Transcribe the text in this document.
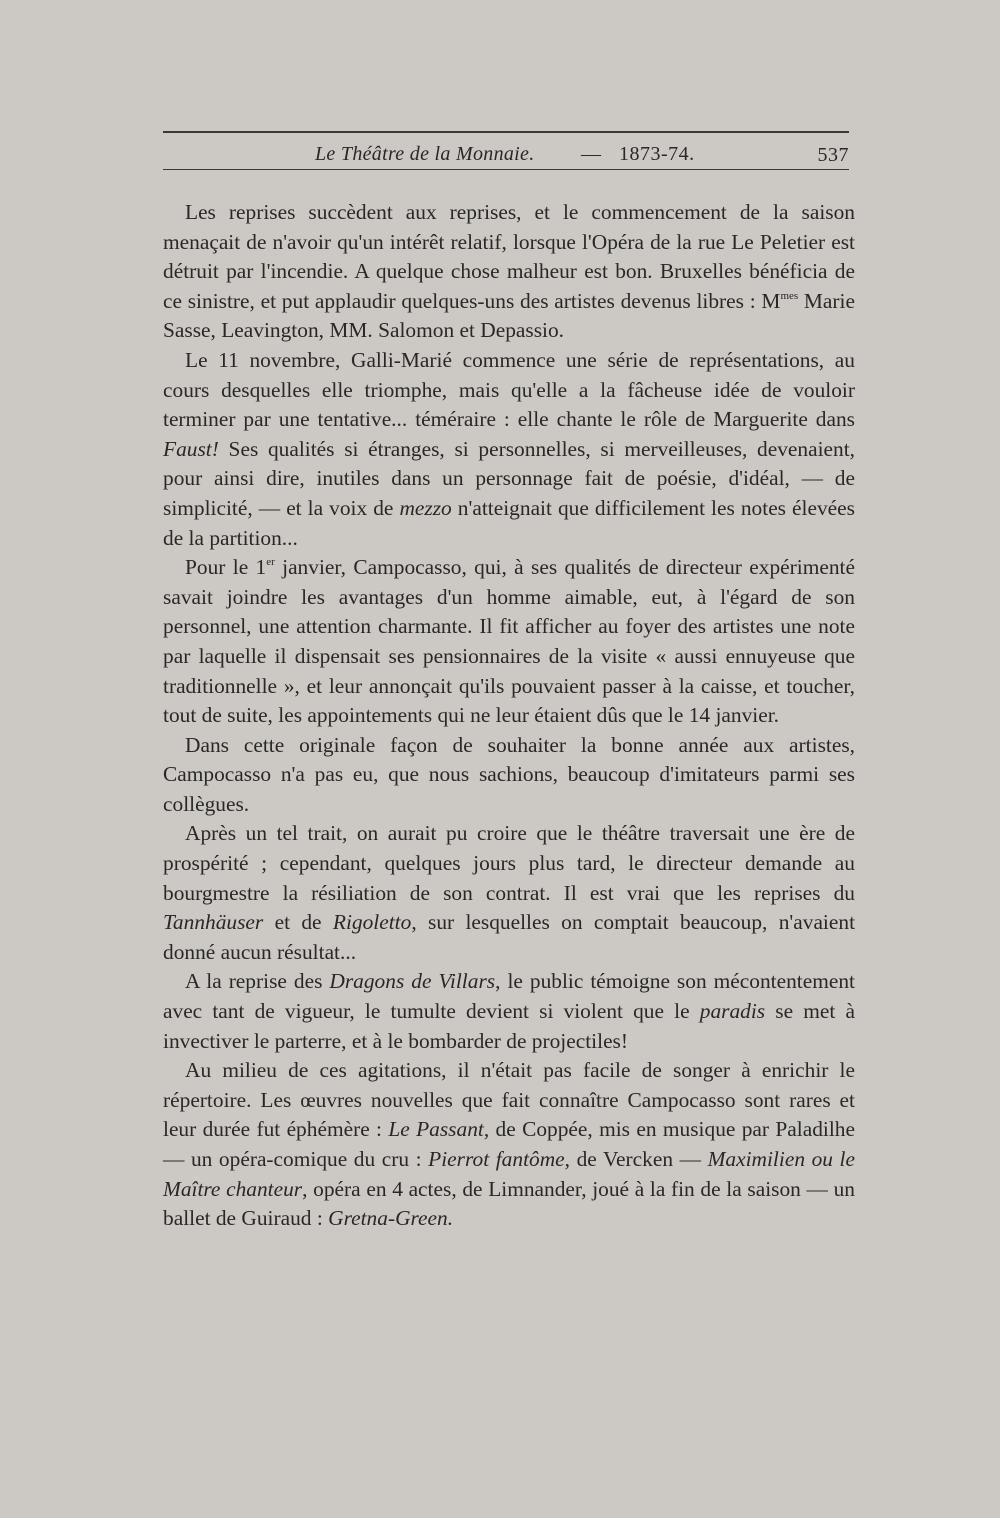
Le Théâtre de la Monnaie. — 1873-74.	537

Les reprises succèdent aux reprises, et le commencement de la saison menaçait de n'avoir qu'un intérêt relatif, lorsque l'Opéra de la rue Le Peletier est détruit par l'incendie. A quelque chose malheur est bon. Bruxelles bénéficia de ce sinistre, et put applaudir quelques-uns des artistes devenus libres : $M^{mes}$ Marie Sasse, Leavington, MM. Salomon et Depassio.

Le 11 novembre, Galli-Marié commence une série de représentations, au cours desquelles elle triomphe, mais qu'elle a la fâcheuse idée de vouloir terminer par une tentative... téméraire : elle chante le rôle de Marguerite dans Faust! Ses qualités si étranges, si personnelles, si merveilleuses, devenaient, pour ainsi dire, inutiles dans un personnage fait de poésie, d'idéal, — de simplicité, — et la voix de mezzo n'atteignait que difficilement les notes élevées de la partition...

Pour le 1er janvier, Campocasso, qui, à ses qualités de directeur expérimenté savait joindre les avantages d'un homme aimable, eut, à l'égard de son personnel, une attention charmante. Il fit afficher au foyer des artistes une note par laquelle il dispensait ses pensionnaires de la visite « aussi ennuyeuse que traditionnelle », et leur annonçait qu'ils pouvaient passer à la caisse, et toucher, tout de suite, les appointements qui ne leur étaient dûs que le 14 janvier.

Dans cette originale façon de souhaiter la bonne année aux artistes, Campocasso n'a pas eu, que nous sachions, beaucoup d'imitateurs parmi ses collègues.

Après un tel trait, on aurait pu croire que le théâtre traversait une ère de prospérité ; cependant, quelques jours plus tard, le directeur demande au bourgmestre la résiliation de son contrat. Il est vrai que les reprises du Tannhäuser et de Rigoletto, sur lesquelles on comptait beaucoup, n'avaient donné aucun résultat...

A la reprise des Dragons de Villars, le public témoigne son mécontentement avec tant de vigueur, le tumulte devient si violent que le paradis se met à invectiver le parterre, et à le bombarder de projectiles!

Au milieu de ces agitations, il n'était pas facile de songer à enrichir le répertoire. Les œuvres nouvelles que fait connaître Campocasso sont rares et leur durée fut éphémère : Le Passant, de Coppée, mis en musique par Paladilhe — un opéra-comique du cru : Pierrot fantôme, de Vercken — Maximilien ou le Maître chanteur, opéra en 4 actes, de Limnander, joué à la fin de la saison — un ballet de Guiraud : Gretna-Green.
